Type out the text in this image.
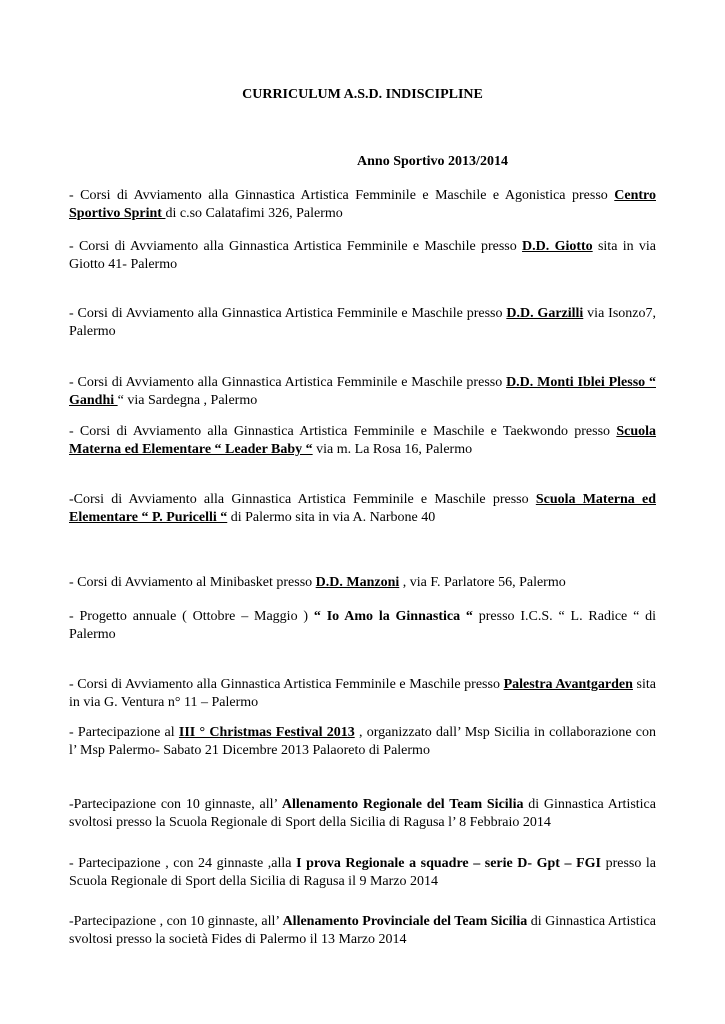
CURRICULUM A.S.D. INDISCIPLINE
Anno Sportivo 2013/2014

- Corsi di Avviamento alla Ginnastica Artistica Femminile e Maschile e Agonistica presso Centro Sportivo Sprint di c.so Calatafimi 326, Palermo

- Corsi di Avviamento alla Ginnastica Artistica Femminile e Maschile presso D.D. Giotto sita in via Giotto 41- Palermo

- Corsi di Avviamento alla Ginnastica Artistica Femminile e Maschile presso D.D. Garzilli via Isonzo7, Palermo

- Corsi di Avviamento alla Ginnastica Artistica Femminile e Maschile presso D.D. Monti Iblei Plesso “ Gandhi “ via Sardegna , Palermo

- Corsi di Avviamento alla Ginnastica Artistica Femminile e Maschile e Taekwondo presso Scuola Materna ed Elementare “ Leader Baby “ via m. La Rosa 16, Palermo

-Corsi di Avviamento alla Ginnastica Artistica Femminile e Maschile presso Scuola Materna ed Elementare “ P. Puricelli “ di Palermo sita in via A. Narbone 40

- Corsi di Avviamento al Minibasket presso D.D. Manzoni , via F. Parlatore 56, Palermo

- Progetto annuale ( Ottobre – Maggio ) “ Io Amo la Ginnastica “ presso I.C.S. “ L. Radice “ di Palermo

- Corsi di Avviamento alla Ginnastica Artistica Femminile e Maschile presso Palestra Avantgarden sita in via G. Ventura n° 11 – Palermo

- Partecipazione al III ° Christmas Festival 2013 , organizzato dall’ Msp Sicilia in collaborazione con l’ Msp Palermo- Sabato 21 Dicembre 2013 Palaoreto di Palermo

-Partecipazione con 10 ginnaste, all’ Allenamento Regionale del Team Sicilia di Ginnastica Artistica svoltosi presso la Scuola Regionale di Sport della Sicilia di Ragusa l’ 8 Febbraio 2014

- Partecipazione , con 24 ginnaste ,alla I prova Regionale a squadre – serie D- Gpt – FGI presso la Scuola Regionale di Sport della Sicilia di Ragusa il 9 Marzo 2014

-Partecipazione , con 10 ginnaste, all’ Allenamento Provinciale del Team Sicilia di Ginnastica Artistica svoltosi presso la società Fides di Palermo il 13 Marzo 2014
